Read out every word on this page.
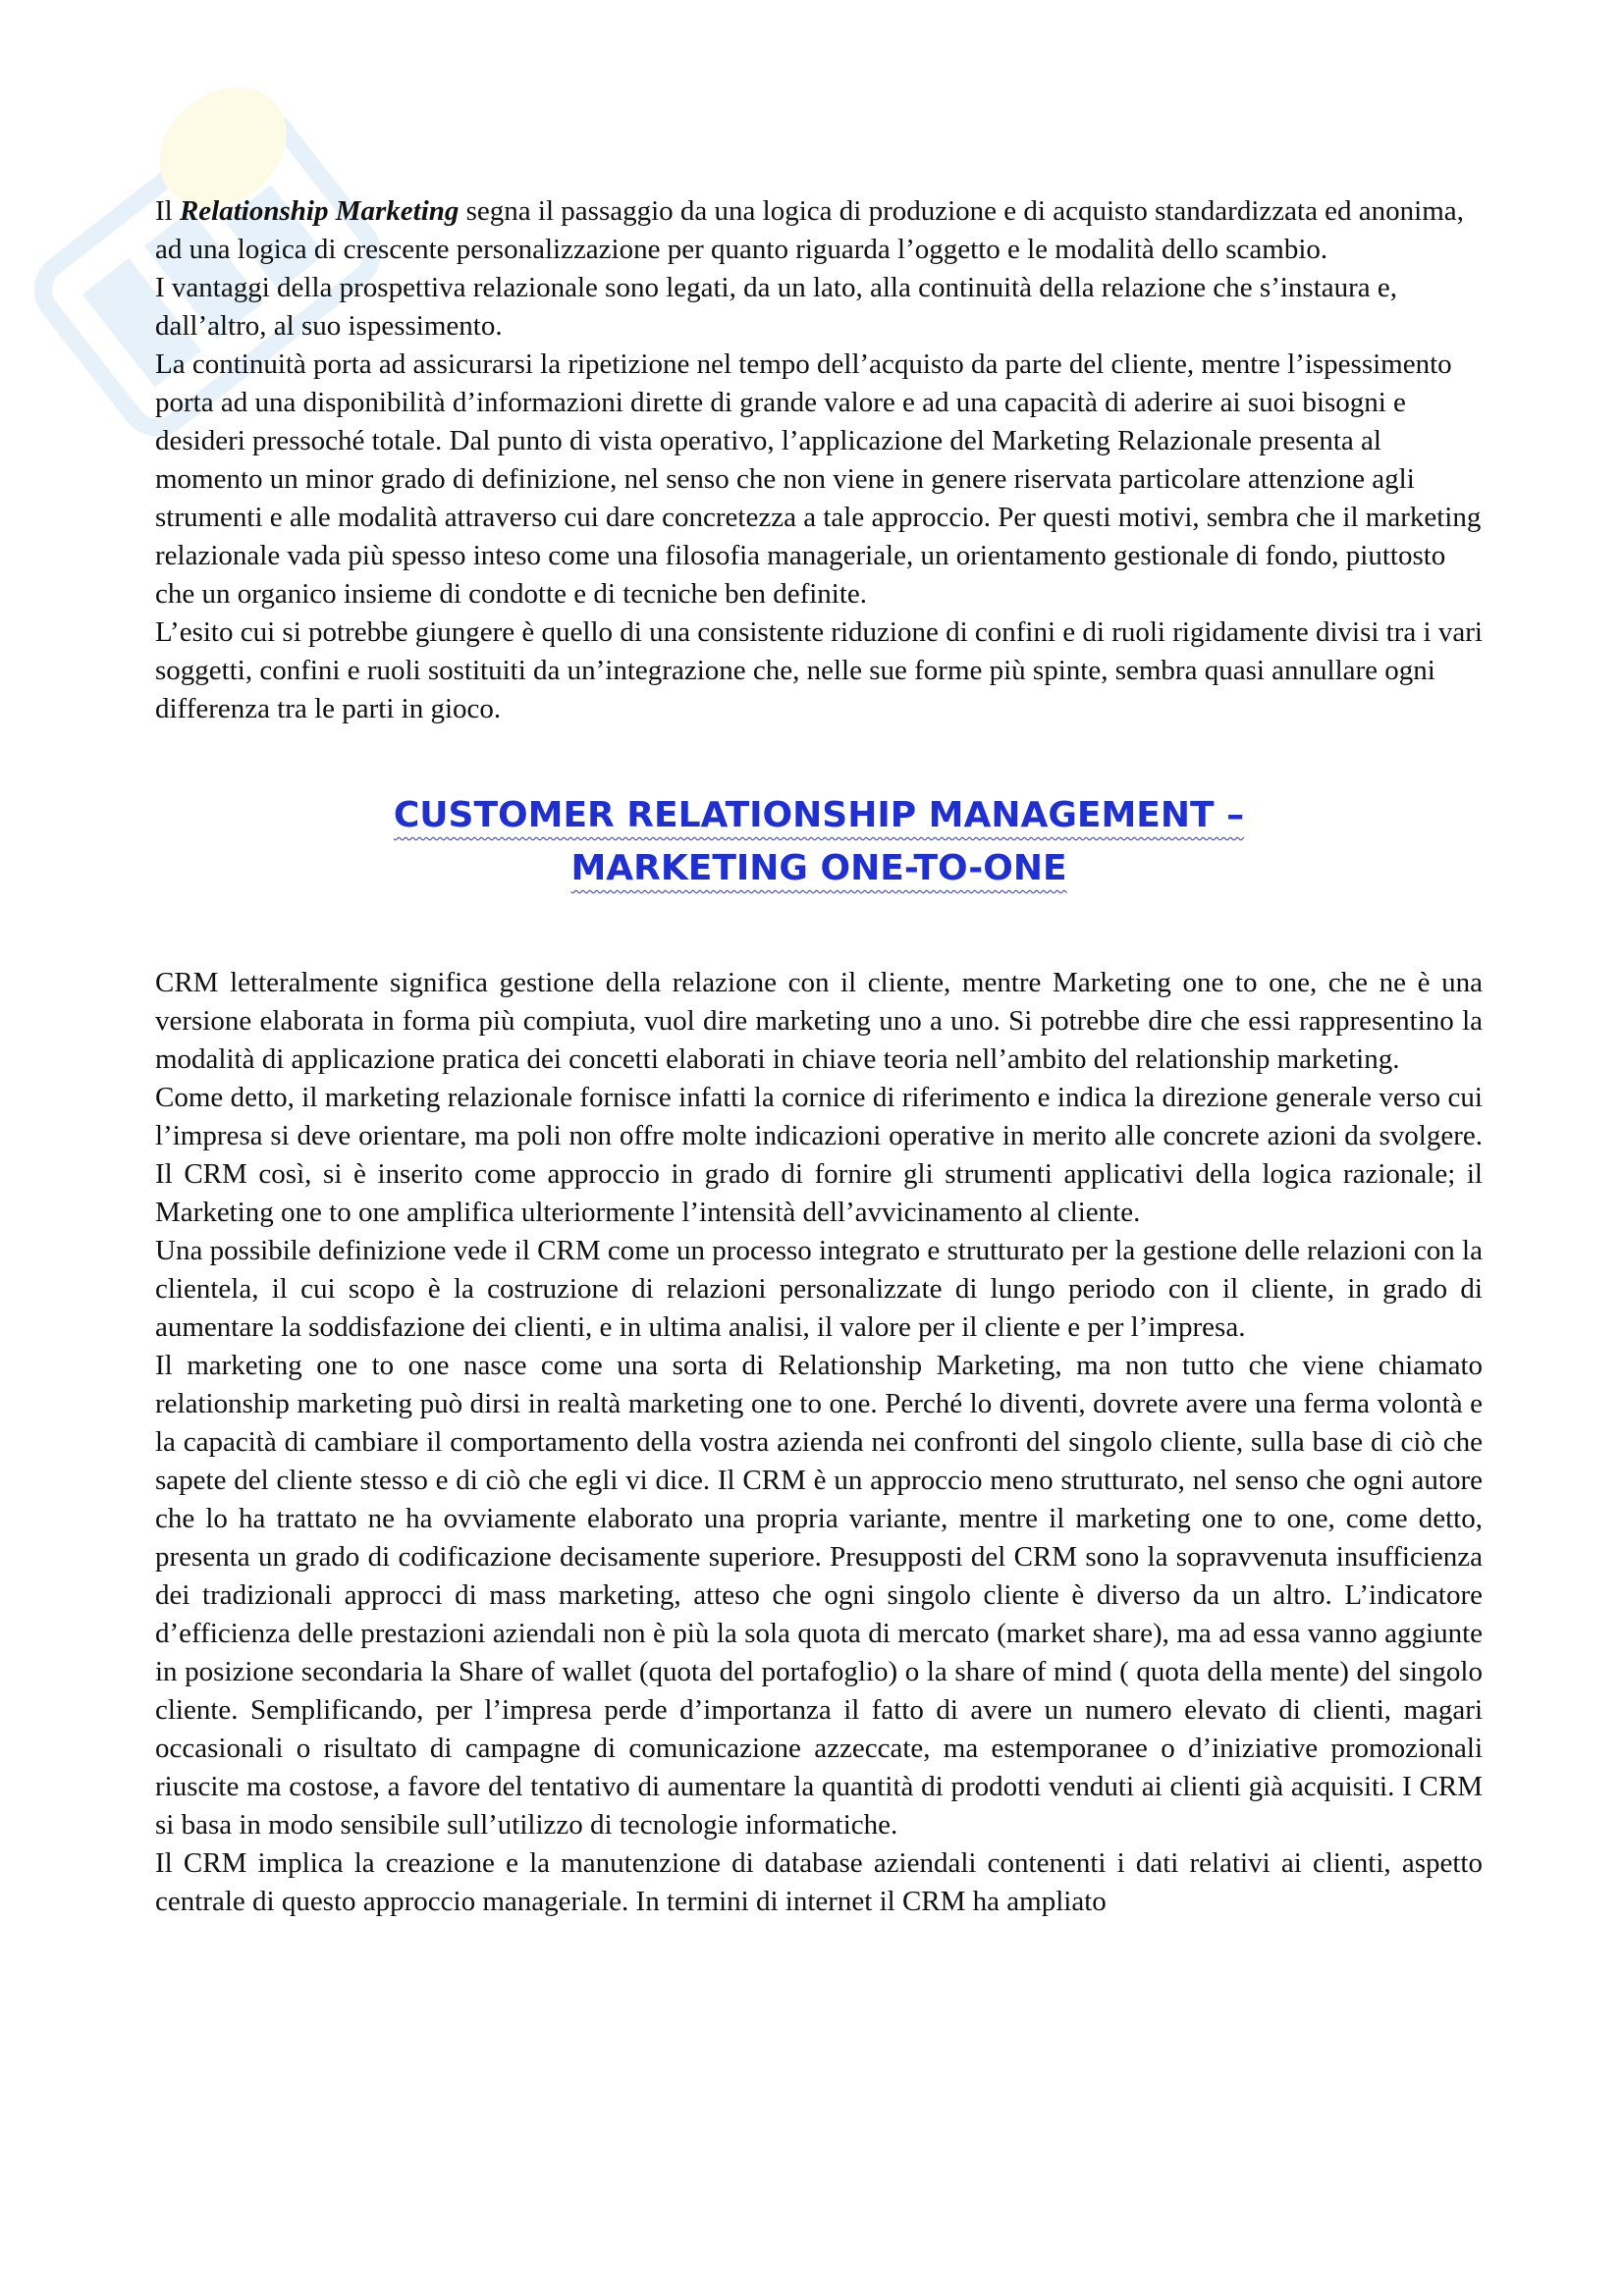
Il Relationship Marketing segna il passaggio da una logica di produzione e di acquisto standardizzata ed anonima, ad una logica di crescente personalizzazione per quanto riguarda l’oggetto e le modalità dello scambio.

I vantaggi della prospettiva relazionale sono legati, da un lato, alla continuità della relazione che s’instaura e, dall’altro, al suo ispessimento.

La continuità porta ad assicurarsi la ripetizione nel tempo dell’acquisto da parte del cliente, mentre l’ispessimento porta ad una disponibilità d’informazioni dirette di grande valore e ad una capacità di aderire ai suoi bisogni e desideri pressoché totale. Dal punto di vista operativo, l’applicazione del Marketing Relazionale presenta al momento un minor grado di definizione, nel senso che non viene in genere riservata particolare attenzione agli strumenti e alle modalità attraverso cui dare concretezza a tale approccio. Per questi motivi, sembra che il marketing relazionale vada più spesso inteso come una filosofia manageriale, un orientamento gestionale di fondo, piuttosto che un organico insieme di condotte e di tecniche ben definite.

L’esito cui si potrebbe giungere è quello di una consistente riduzione di confini e di ruoli rigidamente divisi tra i vari soggetti, confini e ruoli sostituiti da un’integrazione che, nelle sue forme più spinte, sembra quasi annullare ogni differenza tra le parti in gioco.

CUSTOMER RELATIONSHIP MANAGEMENT –
MARKETING ONE-TO-ONE

CRM letteralmente significa gestione della relazione con il cliente, mentre Marketing one to one, che ne è una versione elaborata in forma più compiuta, vuol dire marketing uno a uno. Si potrebbe dire che essi rappresentino la modalità di applicazione pratica dei concetti elaborati in chiave teoria nell’ambito del relationship marketing.

Come detto, il marketing relazionale fornisce infatti la cornice di riferimento e indica la direzione generale verso cui l’impresa si deve orientare, ma poli non offre molte indicazioni operative in merito alle concrete azioni da svolgere. Il CRM così, si è inserito come approccio in grado di fornire gli strumenti applicativi della logica razionale; il Marketing one to one amplifica ulteriormente l’intensità dell’avvicinamento al cliente.

Una possibile definizione vede il CRM come un processo integrato e strutturato per la gestione delle relazioni con la clientela, il cui scopo è la costruzione di relazioni personalizzate di lungo periodo con il cliente, in grado di aumentare la soddisfazione dei clienti, e in ultima analisi, il valore per il cliente e per l’impresa.

Il marketing one to one nasce come una sorta di Relationship Marketing, ma non tutto che viene chiamato relationship marketing può dirsi in realtà marketing one to one. Perché lo diventi, dovrete avere una ferma volontà e la capacità di cambiare il comportamento della vostra azienda nei confronti del singolo cliente, sulla base di ciò che sapete del cliente stesso e di ciò che egli vi dice. Il CRM è un approccio meno strutturato, nel senso che ogni autore che lo ha trattato ne ha ovviamente elaborato una propria variante, mentre il marketing one to one, come detto, presenta un grado di codificazione decisamente superiore. Presupposti del CRM sono la sopravvenuta insufficienza dei tradizionali approcci di mass marketing, atteso che ogni singolo cliente è diverso da un altro. L’indicatore d’efficienza delle prestazioni aziendali non è più la sola quota di mercato (market share), ma ad essa vanno aggiunte in posizione secondaria la Share of wallet (quota del portafoglio) o la share of mind ( quota della mente) del singolo cliente. Semplificando, per l’impresa perde d’importanza il fatto di avere un numero elevato di clienti, magari occasionali o risultato di campagne di comunicazione azzeccate, ma estemporanee o d’iniziative promozionali riuscite ma costose, a favore del tentativo di aumentare la quantità di prodotti venduti ai clienti già acquisiti. I CRM si basa in modo sensibile sull’utilizzo di tecnologie informatiche.

Il CRM implica la creazione e la manutenzione di database aziendali contenenti i dati relativi ai clienti, aspetto centrale di questo approccio manageriale. In termini di internet il CRM ha ampliato
